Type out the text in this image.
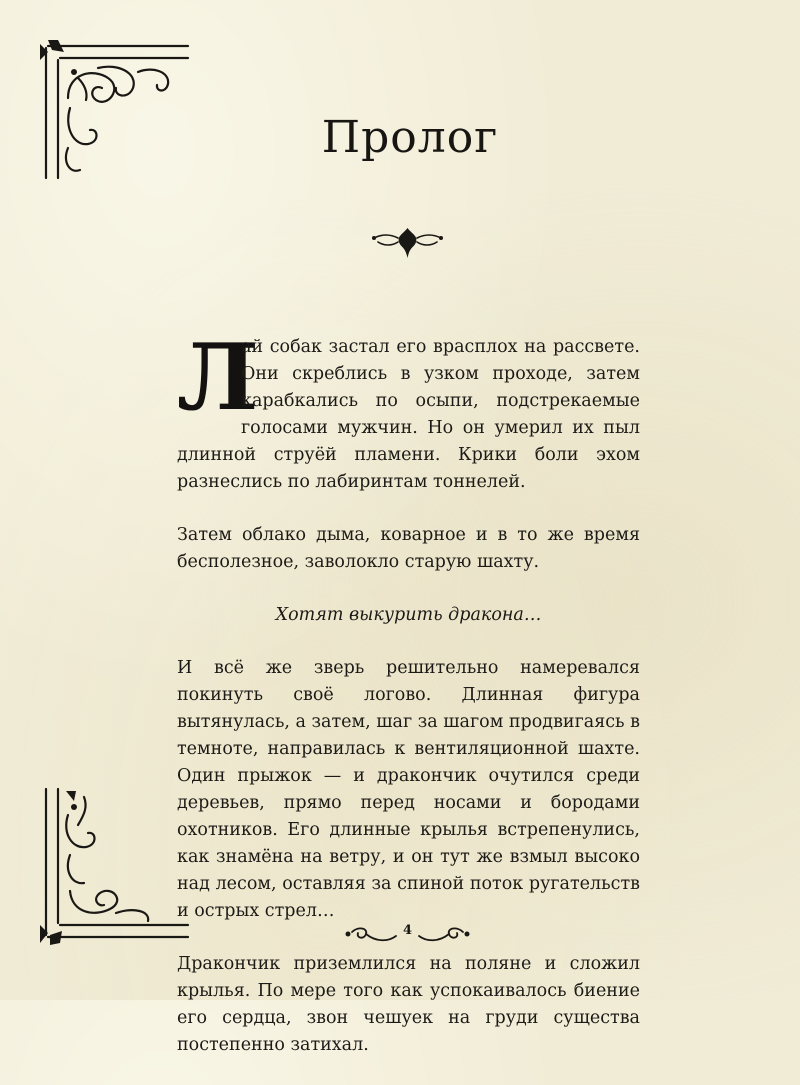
Пролог

Л
ай собак застал его врасплох на рассвете. Они скреблись в узком проходе, затем карабкались по осыпи, подстрекаемые голосами мужчин. Но он умерил их пыл длинной струёй пламени. Крики боли эхом разнеслись по лабиринтам тоннелей.

Затем облако дыма, коварное и в то же время бесполезное, заволокло старую шахту.

Хотят выкурить дракона…

И всё же зверь решительно намеревался покинуть своё логово. Длинная фигура вытянулась, а затем, шаг за шагом продвигаясь в темноте, направилась к вентиляционной шахте. Один прыжок — и дракончик очутился среди деревьев, прямо перед носами и бородами охотников. Его длинные крылья встрепенулись, как знамёна на ветру, и он тут же взмыл высоко над лесом, оставляя за спиной поток ругательств и острых стрел…

Дракончик приземлился на поляне и сложил крылья. По мере того как успокаивалось биение его сердца, звон чешуек на груди существа постепенно затихал.

4
